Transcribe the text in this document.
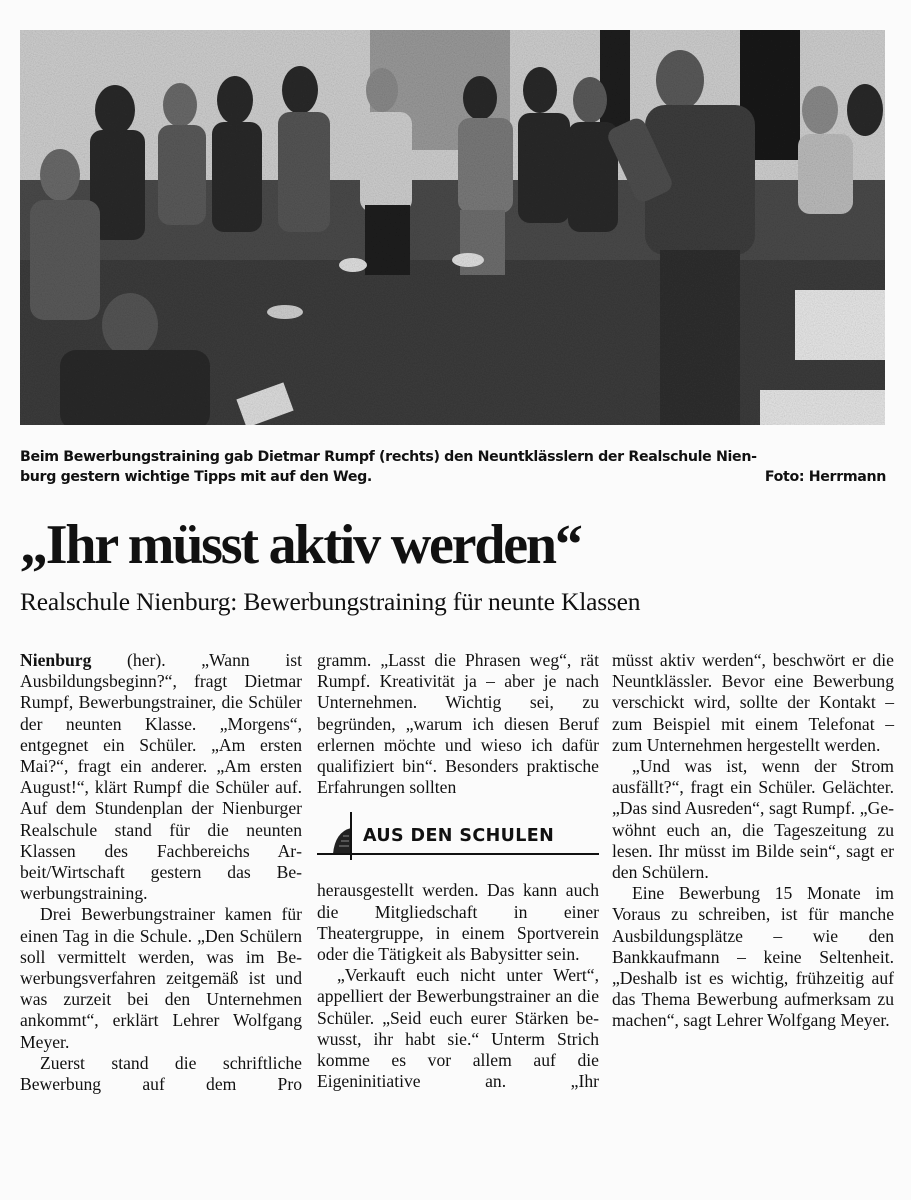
Beim Bewerbungstraining gab Dietmar Rumpf (rechts) den Neuntklässlern der Realschule Nien-
burg gestern wichtige Tipps mit auf den Weg.	Foto: Herrmann
„Ihr müsst aktiv werden“
Realschule Nienburg: Bewerbungstraining für neunte Klassen

Nienburg (her). „Wann ist Ausbildungsbeginn?“, fragt Dietmar Rumpf, Bewerbungstrainer, die Schüler der neunten Klasse. „Morgens“, entgegnet ein Schüler. „Am ersten Mai?“, fragt ein anderer. „Am ersten August!“, klärt Rumpf die Schüler auf. Auf dem Stundenplan der Nienburger Realschule stand für die neunten Klassen des Fachbereichs Arbeit/Wirtschaft gestern das Bewerbungstraining.

Drei Bewerbungstrainer kamen für einen Tag in die Schule. „Den Schülern soll vermittelt werden, was im Bewerbungsverfahren zeitgemäß ist und was zurzeit bei den Unternehmen ankommt“, erklärt Lehrer Wolfgang Meyer.

Zuerst stand die schriftliche Bewerbung auf dem Pro

gramm. „Lasst die Phrasen weg“, rät Rumpf. Kreativität ja – aber je nach Unternehmen. Wichtig sei, zu begründen, „warum ich diesen Beruf erlernen möchte und wieso ich dafür qualifiziert bin“. Besonders praktische Erfahrungen sollten

AUS DEN SCHULEN

herausgestellt werden. Das kann auch die Mitgliedschaft in einer Theatergruppe, in einem Sportverein oder die Tätigkeit als Babysitter sein.

„Verkauft euch nicht unter Wert“, appelliert der Bewerbungstrainer an die Schüler. „Seid euch eurer Stärken bewusst, ihr habt sie.“ Unterm Strich komme es vor allem auf die Eigeninitiative an. „Ihr

müsst aktiv werden“, beschwört er die Neuntklässler. Bevor eine Bewerbung verschickt wird, sollte der Kontakt – zum Beispiel mit einem Telefonat – zum Unternehmen hergestellt werden.

„Und was ist, wenn der Strom ausfällt?“, fragt ein Schüler. Gelächter. „Das sind Ausreden“, sagt Rumpf. „Gewöhnt euch an, die Tageszeitung zu lesen. Ihr müsst im Bilde sein“, sagt er den Schülern.

Eine Bewerbung 15 Monate im Voraus zu schreiben, ist für manche Ausbildungsplätze – wie den Bankkaufmann – keine Seltenheit. „Deshalb ist es wichtig, frühzeitig auf das Thema Bewerbung aufmerksam zu machen“, sagt Lehrer Wolfgang Meyer.
